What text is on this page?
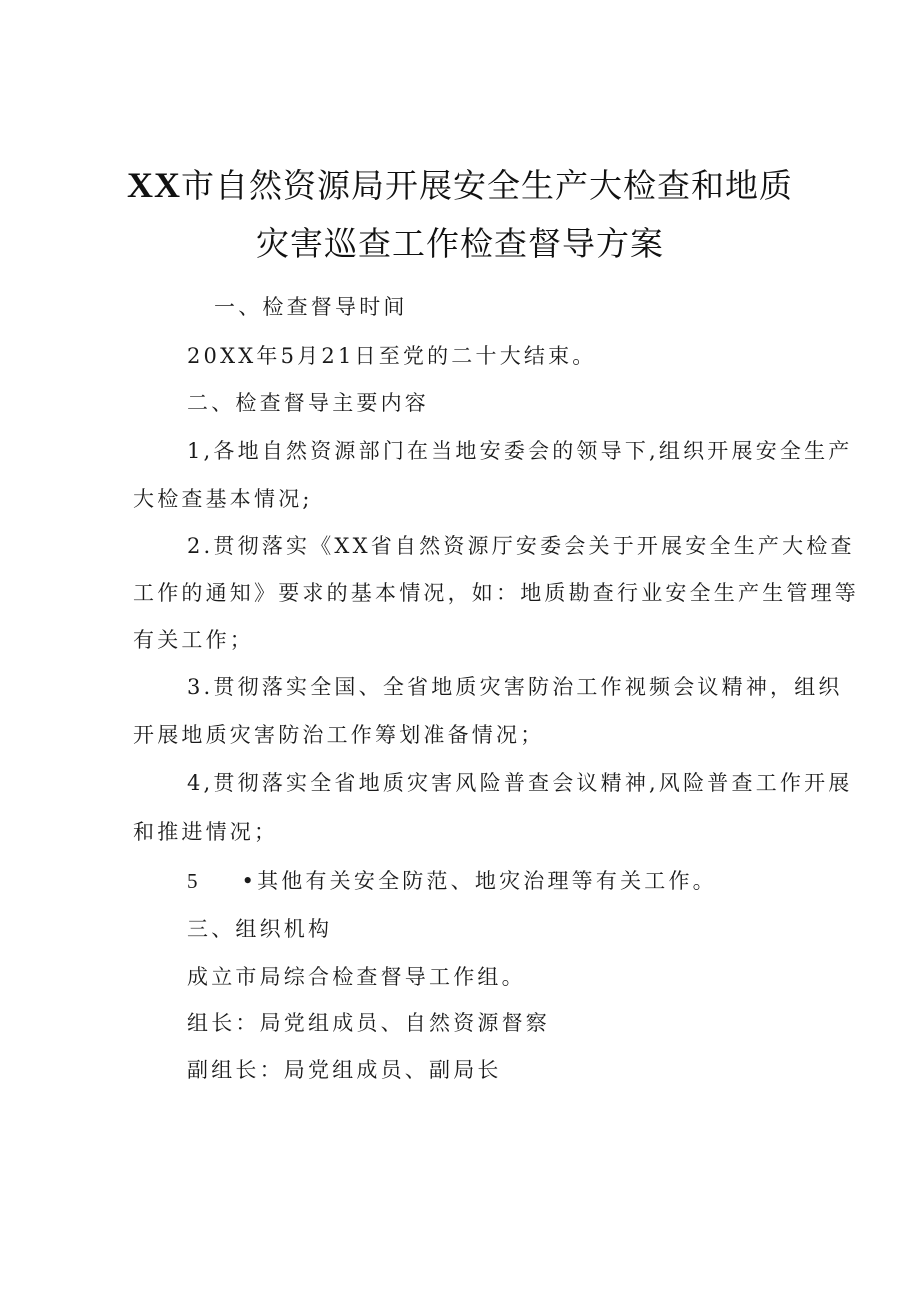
XX市自然资源局开展安全生产大检查和地质
灾害巡查工作检查督导方案
一、检查督导时间
20XX年5月21日至党的二十大结束。
二、检查督导主要内容
1,各地自然资源部门在当地安委会的领导下,组织开展安全生产
大检查基本情况;
2.贯彻落实《XX省自然资源厅安委会关于开展安全生产大检查
工作的通知》要求的基本情况，如：地质勘查行业安全生产生管理等
有关工作；
3.贯彻落实全国、全省地质灾害防治工作视频会议精神，组织
开展地质灾害防治工作筹划准备情况；
4,贯彻落实全省地质灾害风险普查会议精神,风险普查工作开展
和推进情况；
5 •其他有关安全防范、地灾治理等有关工作。
三、组织机构
成立市局综合检查督导工作组。
组长：局党组成员、自然资源督察
副组长：局党组成员、副局长
